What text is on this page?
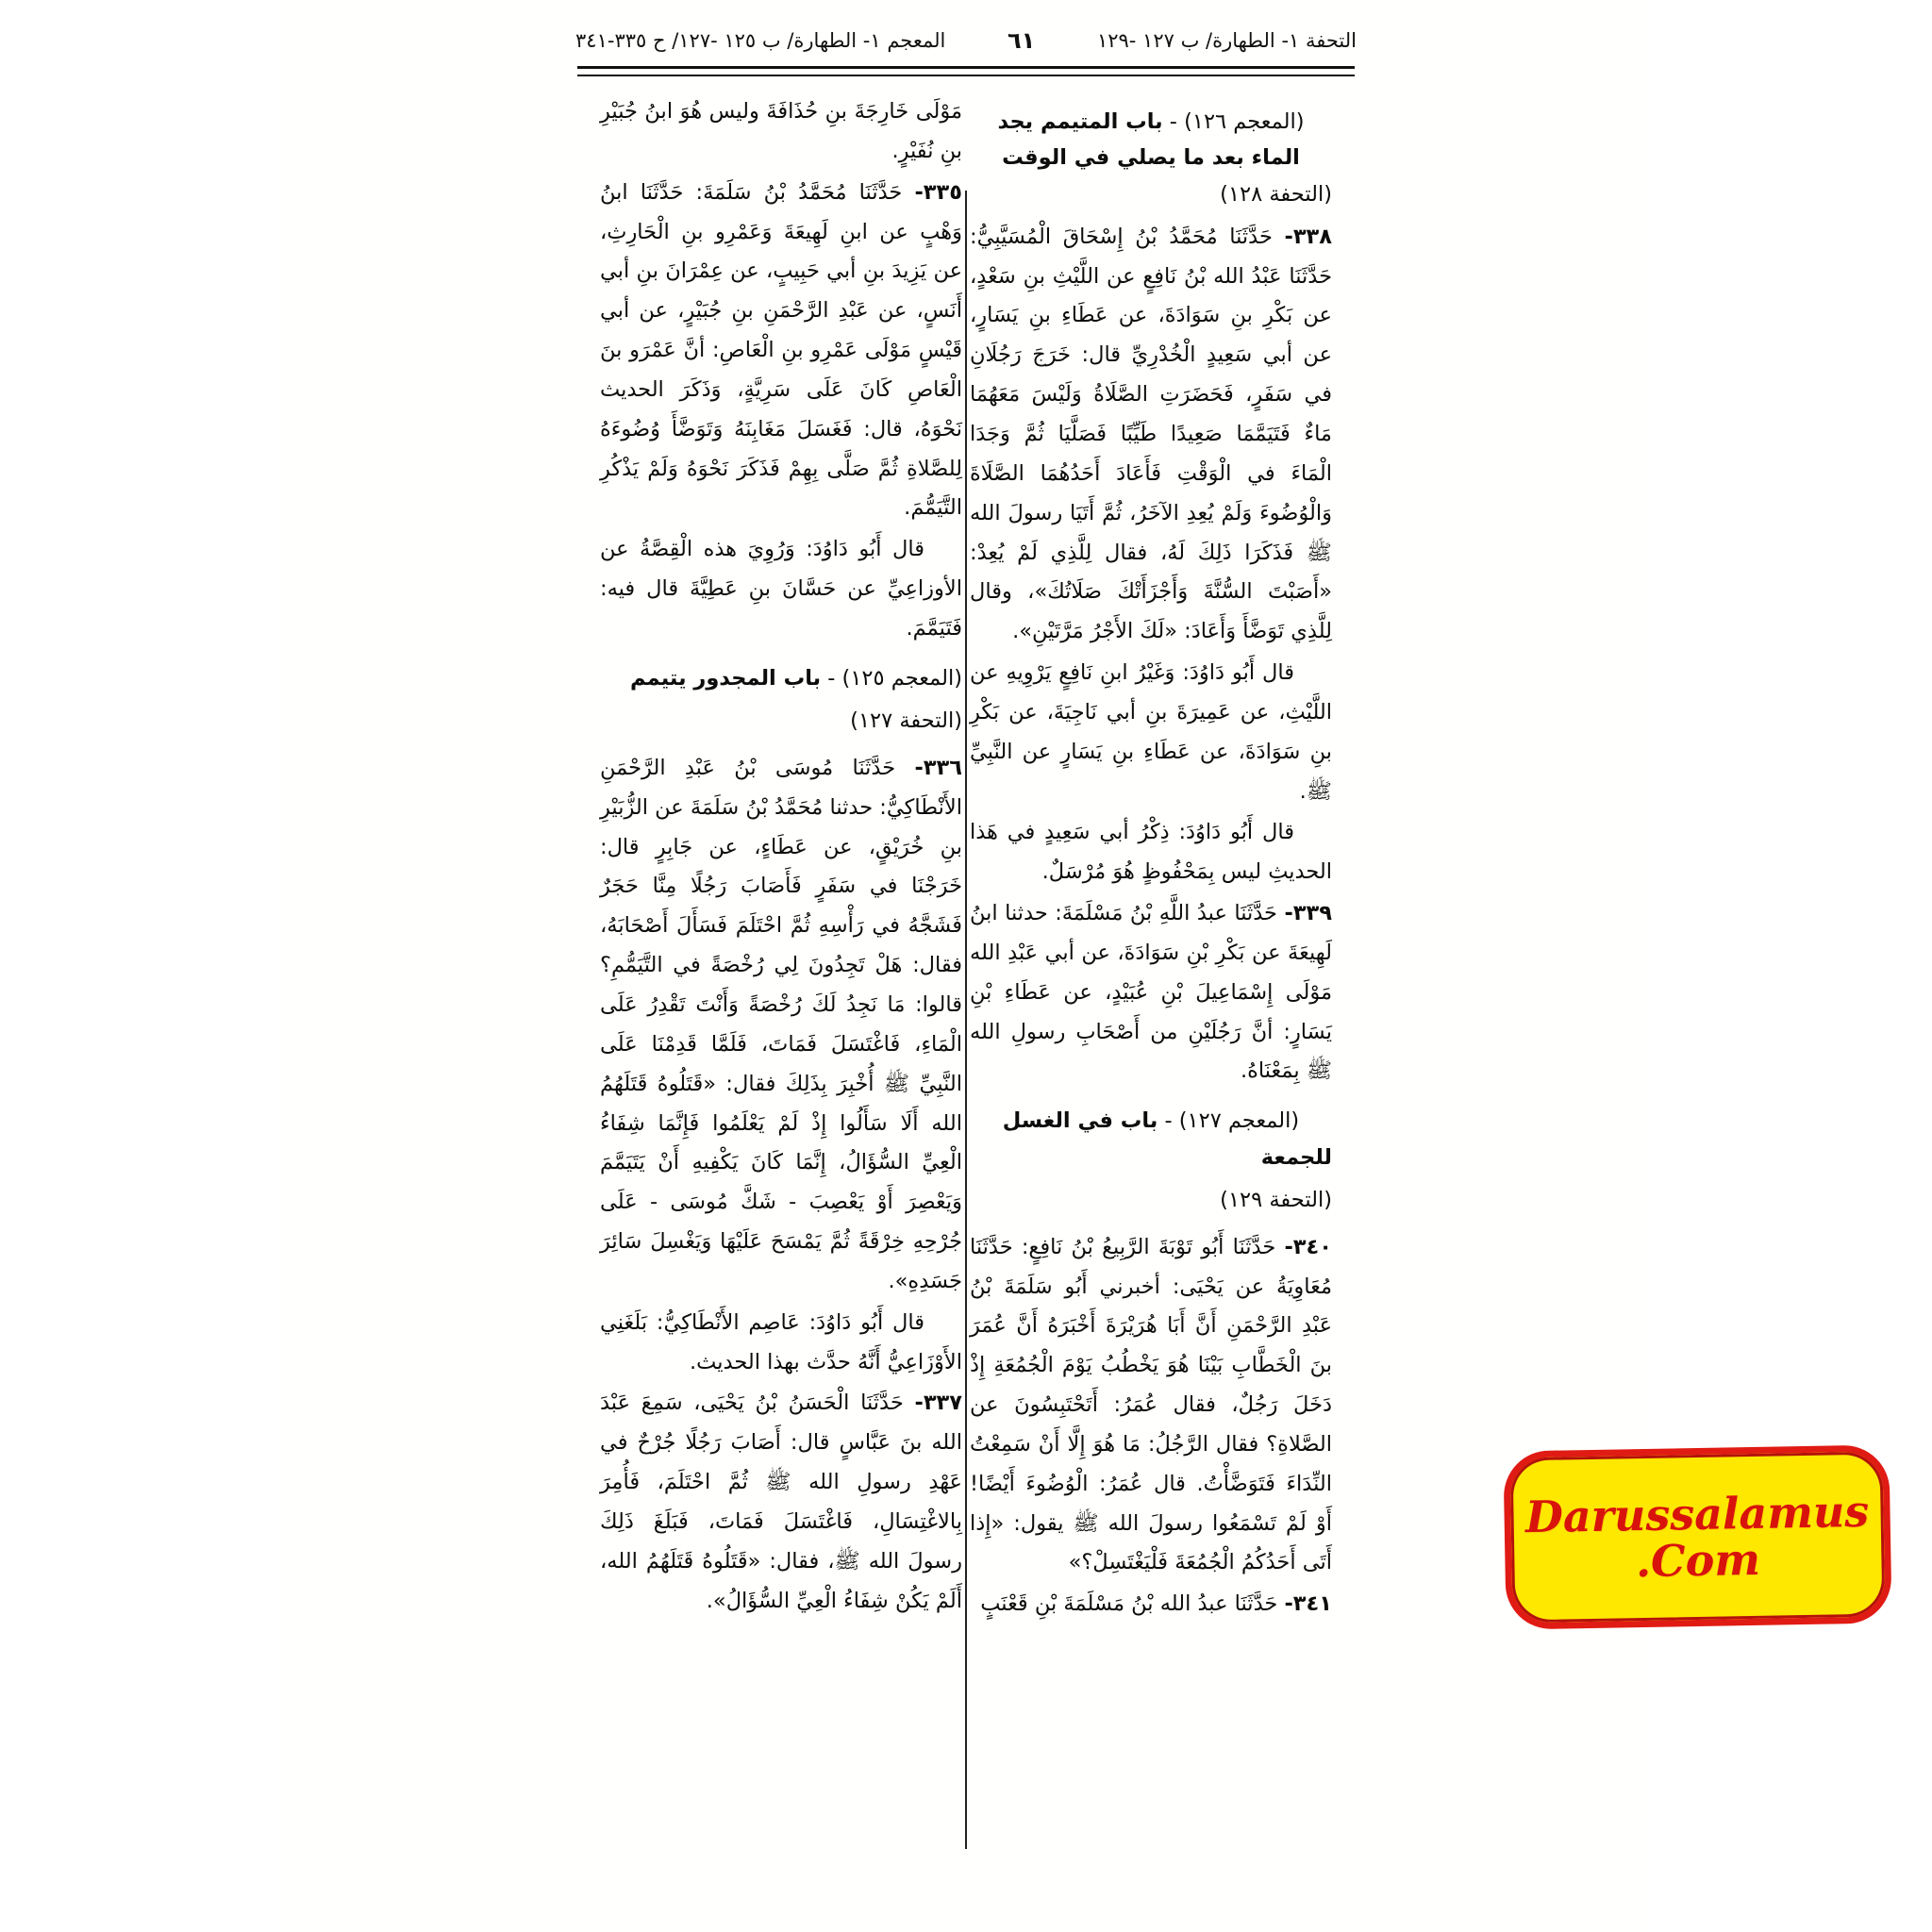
المعجم ١- الطهارة/ ب ١٢٥ -١٢٧/ ح ٣٣٥-٣٤١	٦١	التحفة ١- الطهارة/ ب ١٢٧ -١٢٩
(المعجم ١٢٦) - باب المتيمم يجد الماء بعد ما يصلي في الوقت (التحفة ١٢٨)

٣٣٨- حَدَّثَنَا مُحَمَّدُ بْنُ إِسْحَاقَ الْمُسَيَّبِيُّ: حَدَّثَنَا عَبْدُ الله بْنُ نَافِعٍ عن اللَّيْثِ بنِ سَعْدٍ، عن بَكْرِ بنِ سَوَادَةَ، عن عَطَاءِ بنِ يَسَارٍ، عن أبي سَعِيدٍ الْخُدْرِيِّ قال: خَرَجَ رَجُلَانِ في سَفَرٍ، فَحَضَرَتِ الصَّلَاةُ وَلَيْسَ مَعَهُمَا مَاءٌ فَتَيَمَّمَا صَعِيدًا طَيِّبًا فَصَلَّيَا ثُمَّ وَجَدَا الْمَاءَ في الْوَقْتِ فَأَعَادَ أَحَدُهُمَا الصَّلَاةَ وَالْوُضُوءَ وَلَمْ يُعِدِ الآخَرُ، ثُمَّ أَتَيَا رسولَ الله ﷺ فَذَكَرَا ذَلِكَ لَهُ، فقال لِلَّذِي لَمْ يُعِدْ: «أَصَبْتَ السُّنَّةَ وَأَجْزَأَتْكَ صَلَاتُكَ»، وقال لِلَّذِي تَوَضَّأَ وَأَعَادَ: «لَكَ الأَجْرُ مَرَّتَيْنِ».

قال أَبُو دَاوُدَ: وَغَيْرُ ابنِ نَافِعٍ يَرْوِيهِ عن اللَّيْثِ، عن عَمِيرَةَ بنِ أبي نَاجِيَةَ، عن بَكْرِ بنِ سَوَادَةَ، عن عَطَاءِ بنِ يَسَارٍ عن النَّبِيِّ ﷺ.

قال أَبُو دَاوُدَ: ذِكْرُ أبي سَعِيدٍ في هَذا الحديثِ ليس بِمَحْفُوظٍ هُوَ مُرْسَلٌ.

٣٣٩- حَدَّثَنَا عبدُ اللَّهِ بْنُ مَسْلَمَةَ: حدثنا ابنُ لَهِيعَةَ عن بَكْرِ بْنِ سَوَادَةَ، عن أبي عَبْدِ الله مَوْلَى إِسْمَاعِيلَ بْنِ عُبَيْدٍ، عن عَطَاءِ بْنِ يَسَارٍ: أنَّ رَجُلَيْنِ من أَصْحَابِ رسولِ الله ﷺ بِمَعْنَاهُ.

(المعجم ١٢٧) - باب في الغسل للجمعة
(التحفة ١٢٩)

٣٤٠- حَدَّثَنَا أَبُو تَوْبَةَ الرَّبِيعُ بْنُ نَافِعٍ: حَدَّثَنَا مُعَاوِيَةُ عن يَحْيَى: أخبرني أَبُو سَلَمَةَ بْنُ عَبْدِ الرَّحْمَنِ أَنَّ أَبَا هُرَيْرَةَ أَخْبَرَهُ أَنَّ عُمَرَ بنَ الْخَطَّابِ بَيْنَا هُوَ يَخْطُبُ يَوْمَ الْجُمُعَةِ إِذْ دَخَلَ رَجُلٌ، فقال عُمَرُ: أَتَحْتَبِسُونَ عن الصَّلاةِ؟ فقال الرَّجُلُ: مَا هُوَ إِلَّا أَنْ سَمِعْتُ النِّدَاءَ فَتَوَضَّأْتُ. قال عُمَرُ: الْوُضُوءَ أَيْضًا! أَوْ لَمْ تَسْمَعُوا رسولَ الله ﷺ يقول: «إِذا أَتَى أَحَدُكُمُ الْجُمُعَةَ فَلْيَغْتَسِلْ؟»

٣٤١- حَدَّثَنَا عبدُ الله بْنُ مَسْلَمَةَ بْنِ قَعْنَبٍ

مَوْلَى خَارِجَةَ بنِ حُذَافَةَ وليس هُوَ ابنُ جُبَيْرِ بنِ نُفَيْرٍ.

٣٣٥- حَدَّثَنَا مُحَمَّدُ بْنُ سَلَمَةَ: حَدَّثَنَا ابنُ وَهْبٍ عن ابنِ لَهِيعَةَ وَعَمْرِو بنِ الْحَارِثِ، عن يَزِيدَ بنِ أبي حَبِيبٍ، عن عِمْرَانَ بنِ أبي أَنَسٍ، عن عَبْدِ الرَّحْمَنِ بنِ جُبَيْرٍ، عن أبي قَيْسٍ مَوْلَى عَمْرِو بنِ الْعَاصِ: أنَّ عَمْرَو بنَ الْعَاصِ كَانَ عَلَى سَرِيَّةٍ، وَذَكَرَ الحديث نَحْوَهُ، قال: فَغَسَلَ مَغَابِنَهُ وَتَوَضَّأَ وُضُوءَهُ لِلصَّلاةِ ثُمَّ صَلَّى بِهِمْ فَذَكَرَ نَحْوَهُ وَلَمْ يَذْكُرِ التَّيَمُّمَ.

قال أَبُو دَاوُدَ: وَرُوِيَ هذه الْقِصَّةُ عن الأوزاعِيِّ عن حَسَّانَ بنِ عَطِيَّةَ قال فيه: فَتَيَمَّمَ.

(المعجم ١٢٥) - باب المجدور يتيمم
(التحفة ١٢٧)

٣٣٦- حَدَّثَنَا مُوسَى بْنُ عَبْدِ الرَّحْمَنِ الأَنْطَاكِيُّ: حدثنا مُحَمَّدُ بْنُ سَلَمَةَ عن الزُّبَيْرِ بنِ خُرَيْقٍ، عن عَطَاءٍ، عن جَابِرٍ قال: خَرَجْنَا في سَفَرٍ فَأَصَابَ رَجُلًا مِنَّا حَجَرٌ فَشَجَّهُ في رَأْسِهِ ثُمَّ احْتَلَمَ فَسَأَلَ أَصْحَابَهُ، فقال: هَلْ تَجِدُونَ لِي رُخْصَةً في التَّيَمُّمِ؟ قالوا: مَا نَجِدُ لَكَ رُخْصَةً وَأَنْتَ تَقْدِرُ عَلَى الْمَاءِ، فَاغْتَسَلَ فَمَاتَ، فَلَمَّا قَدِمْنَا عَلَى النَّبِيِّ ﷺ أُخْبِرَ بِذَلِكَ فقال: «قَتَلُوهُ قَتَلَهُمُ الله أَلَا سَأَلُوا إِذْ لَمْ يَعْلَمُوا فَإِنَّمَا شِفَاءُ الْعِيِّ السُّؤَالُ، إِنَّمَا كَانَ يَكْفِيهِ أَنْ يَتَيَمَّمَ وَيَعْصِرَ أَوْ يَعْصِبَ - شَكَّ مُوسَى - عَلَى جُرْحِهِ خِرْقَةً ثُمَّ يَمْسَحَ عَلَيْهَا وَيَغْسِلَ سَائِرَ جَسَدِهِ».

قال أَبُو دَاوُدَ: عَاصِم الأَنْطَاكِيُّ: بَلَغَنِي الأَوْزَاعِيُّ أَنَّهُ حدَّث بهذا الحديث.

٣٣٧- حَدَّثَنَا الْحَسَنُ بْنُ يَحْيَى، سَمِعَ عَبْدَ الله بنَ عَبَّاسٍ قال: أَصَابَ رَجُلًا جُرْحٌ في عَهْدِ رسولِ الله ﷺ ثُمَّ احْتَلَمَ، فَأُمِرَ بِالاغْتِسَالِ، فَاغْتَسَلَ فَمَاتَ، فَبَلَغَ ذَلِكَ رسولَ الله ﷺ، فقال: «قَتَلُوهُ قَتَلَهُمُ الله، أَلَمْ يَكُنْ شِفَاءُ الْعِيِّ السُّؤَالُ».

Darussalamus
.Com
